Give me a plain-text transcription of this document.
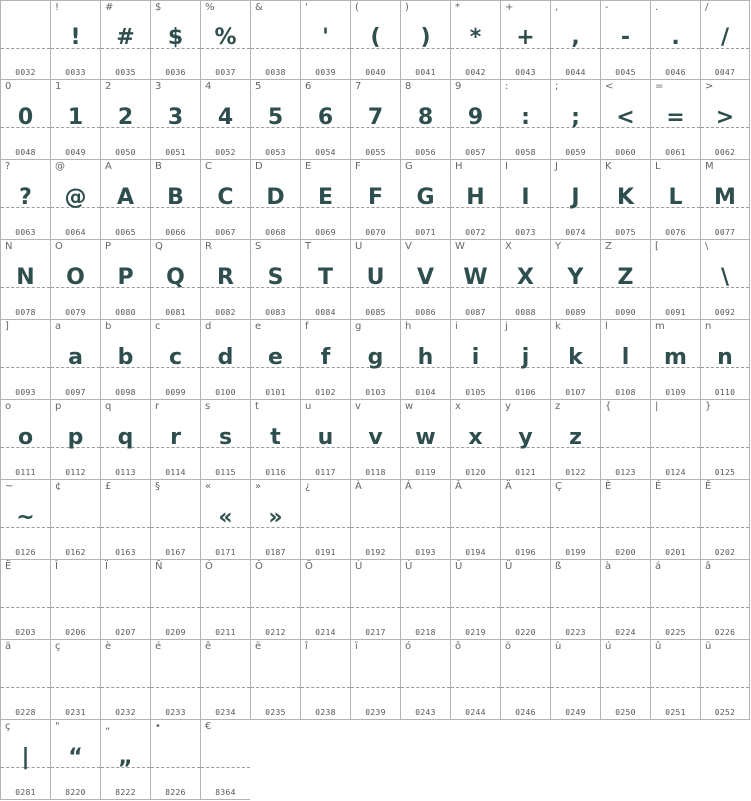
0032
!
!
0033
#
#
0035
$
$
0036
%
%
0037
&
0038
'
'
0039
(
(
0040
)
)
0041
*
*
0042
+
+
0043
,
,
0044
-
-
0045
.
.
0046
/
/
0047
0
0
0048
1
1
0049
2
2
0050
3
3
0051
4
4
0052
5
5
0053
6
6
0054
7
7
0055
8
8
0056
9
9
0057
:
:
0058
;
;
0059
<
<
0060
=
=
0061
>
>
0062
?
?
0063
@
@
0064
A
A
0065
B
B
0066
C
C
0067
D
D
0068
E
E
0069
F
F
0070
G
G
0071
H
H
0072
I
I
0073
J
J
0074
K
K
0075
L
L
0076
M
M
0077
N
N
0078
O
O
0079
P
P
0080
Q
Q
0081
R
R
0082
S
S
0083
T
T
0084
U
U
0085
V
V
0086
W
W
0087
X
X
0088
Y
Y
0089
Z
Z
0090
[
0091
\
\
0092
]
0093
a
a
0097
b
b
0098
c
c
0099
d
d
0100
e
e
0101
f
f
0102
g
g
0103
h
h
0104
i
i
0105
j
j
0106
k
k
0107
l
l
0108
m
m
0109
n
n
0110
o
o
0111
p
p
0112
q
q
0113
r
r
0114
s
s
0115
t
t
0116
u
u
0117
v
v
0118
w
w
0119
x
x
0120
y
y
0121
z
z
0122
{
0123
|
0124
}
0125
~
~
0126
¢
0162
£
0163
§
0167
«
«
0171
»
»
0187
¿
0191
À
0192
Á
0193
Â
0194
Ä
0196
Ç
0199
È
0200
É
0201
Ê
0202
Ë
0203
Î
0206
Ï
0207
Ñ
0209
Ó
0211
Ô
0212
Ö
0214
Ù
0217
Ú
0218
Û
0219
Ü
0220
ß
0223
à
0224
á
0225
â
0226
ä
0228
ç
0231
è
0232
é
0233
ê
0234
ë
0235
î
0238
ï
0239
ó
0243
ô
0244
ö
0246
ù
0249
ú
0250
û
0251
ü
0252
ç
|
0281
"
“
8220
„
„
8222
•
8226
€
8364
